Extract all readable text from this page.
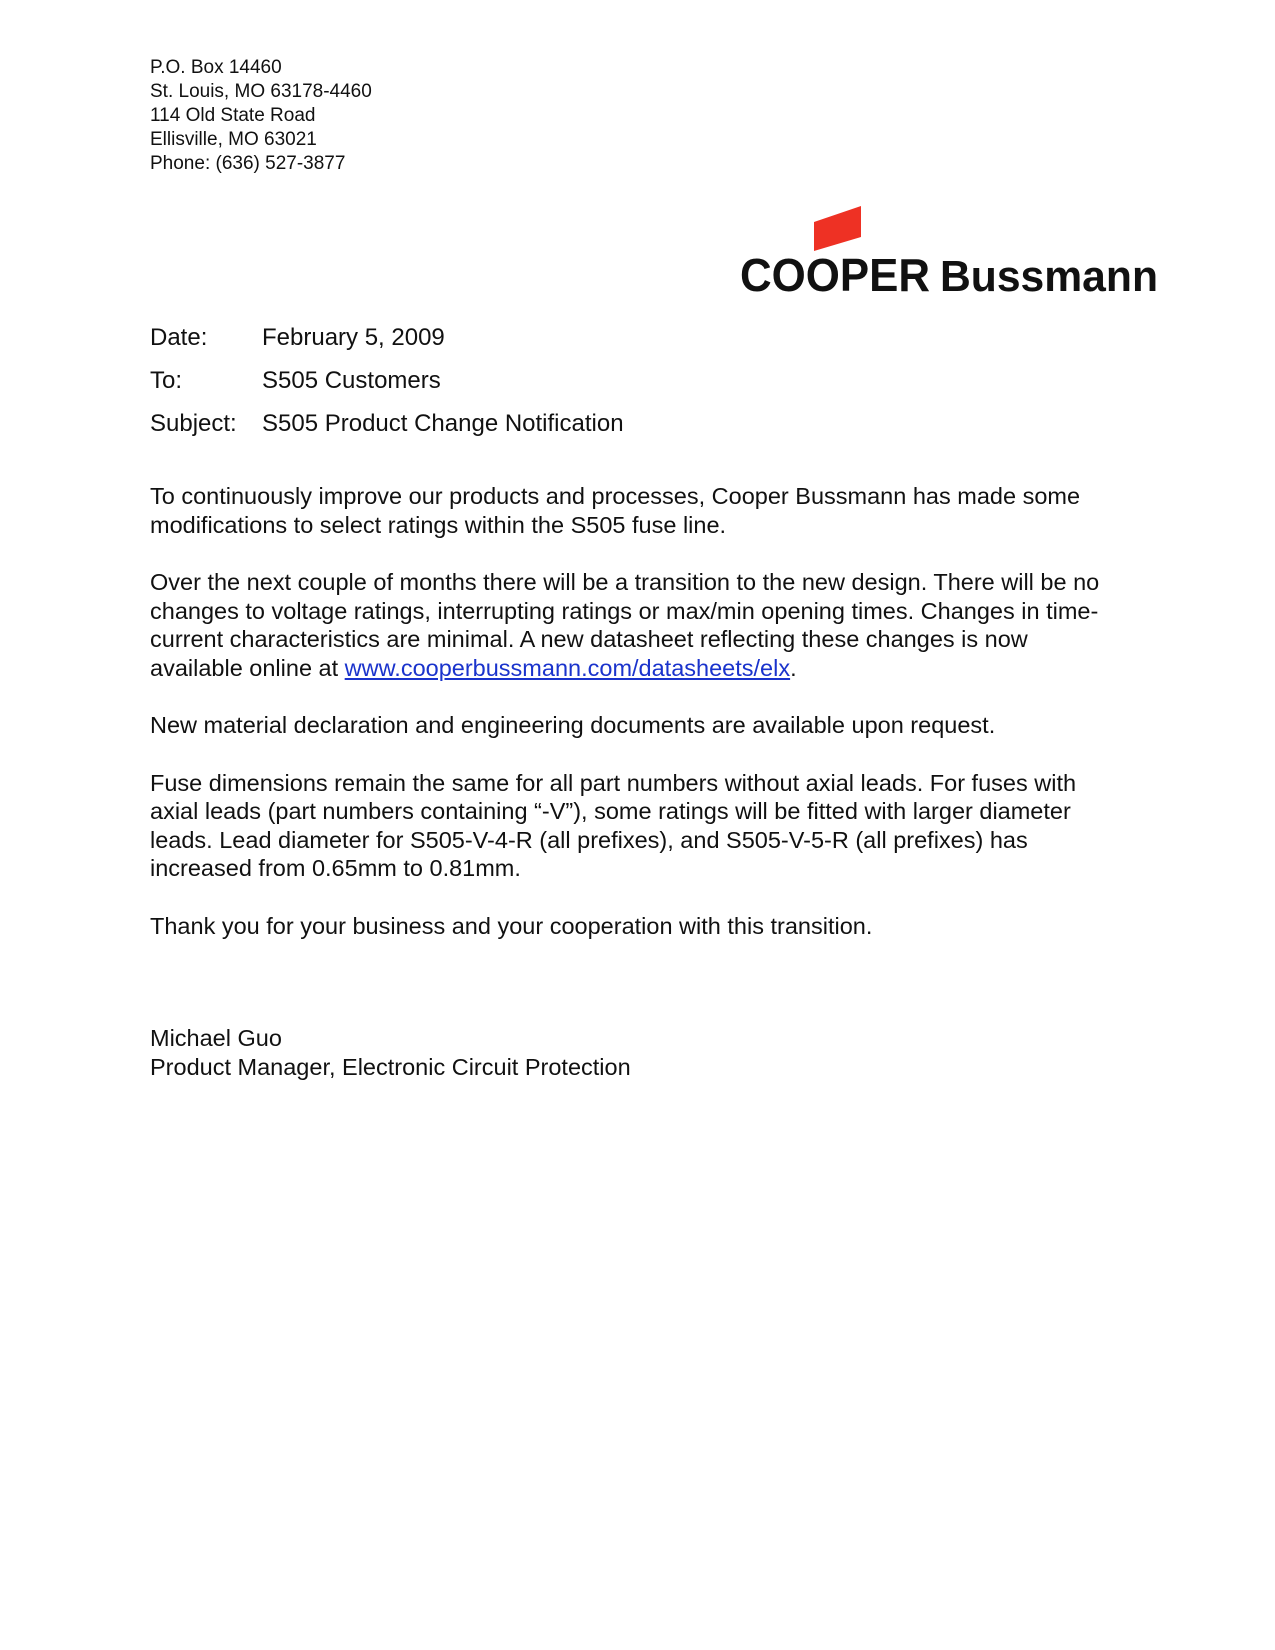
P.O. Box 14460
St. Louis, MO 63178-4460
114 Old State Road
Ellisville, MO 63021
Phone: (636) 527-3877
COOPER Bussmann
Date:	February 5, 2009
To:	S505 Customers
Subject:	S505 Product Change Notification

To continuously improve our products and processes, Cooper Bussmann has made some
modifications to select ratings within the S505 fuse line.

Over the next couple of months there will be a transition to the new design. There will be no
changes to voltage ratings, interrupting ratings or max/min opening times. Changes in time-
current characteristics are minimal. A new datasheet reflecting these changes is now
available online at www.cooperbussmann.com/datasheets/elx.

New material declaration and engineering documents are available upon request.

Fuse dimensions remain the same for all part numbers without axial leads. For fuses with
axial leads (part numbers containing “-V”), some ratings will be fitted with larger diameter
leads. Lead diameter for S505-V-4-R (all prefixes), and S505-V-5-R (all prefixes) has
increased from 0.65mm to 0.81mm.

Thank you for your business and your cooperation with this transition.

Michael Guo
Product Manager, Electronic Circuit Protection
